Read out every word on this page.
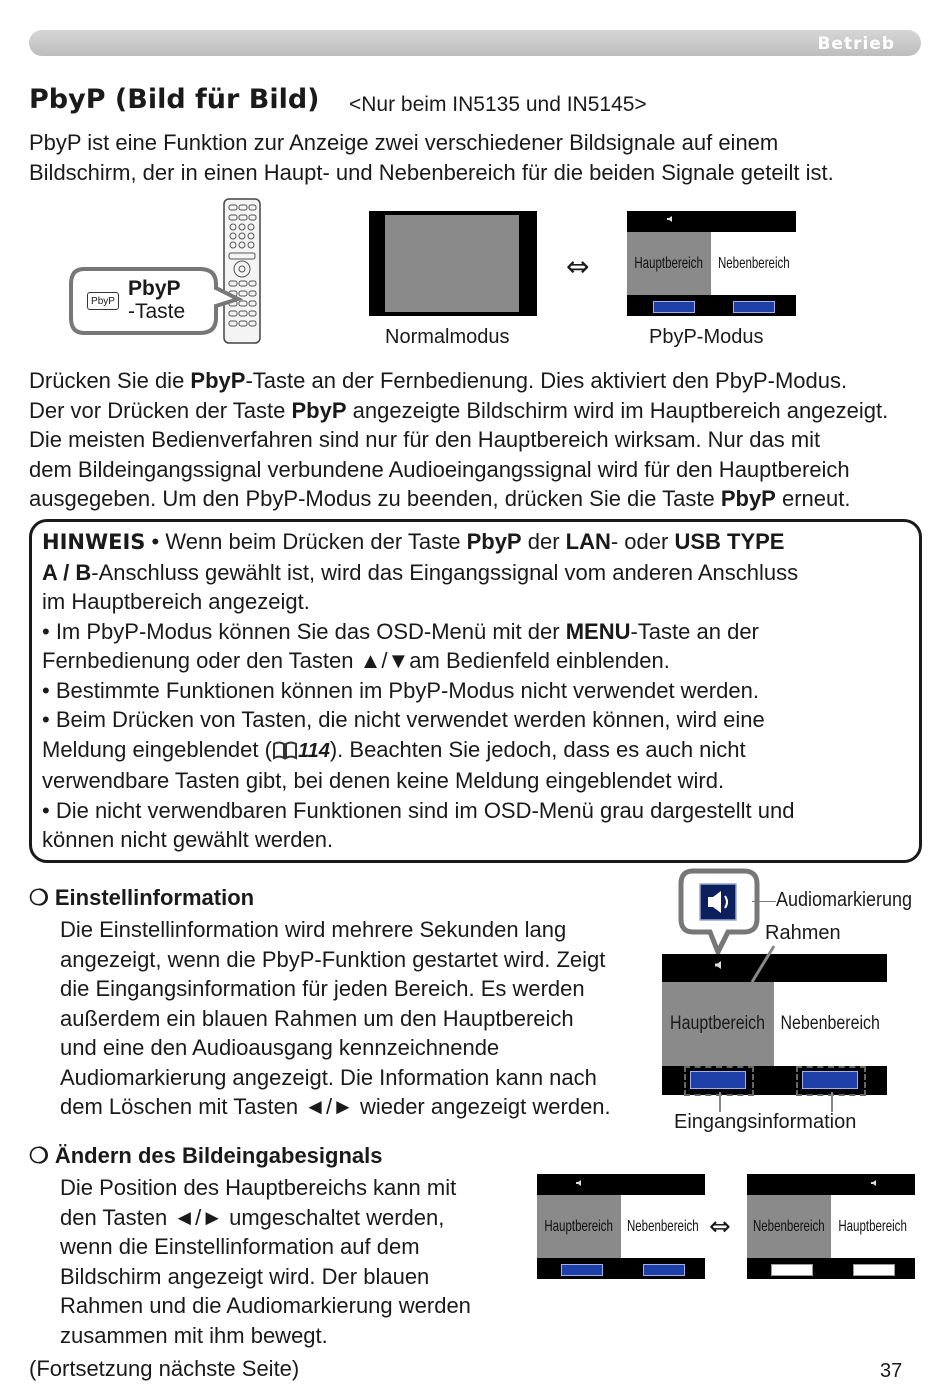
Betrieb
PbyP (Bild für Bild) <Nur beim IN5135 und IN5145>
PbyP ist eine Funktion zur Anzeige zwei verschiedener Bildsignale auf einem
Bildschirm, der in einen Haupt- und Nebenbereich für die beiden Signale geteilt ist.
PbyP
PbyP
-Taste
Normalmodus
⇔	Hauptbereich Nebenbereich
PbyP-Modus
Drücken Sie die PbyP-Taste an der Fernbedienung. Dies aktiviert den PbyP-Modus.
Der vor Drücken der Taste PbyP angezeigte Bildschirm wird im Hauptbereich angezeigt.
Die meisten Bedienverfahren sind nur für den Hauptbereich wirksam. Nur das mit
dem Bildeingangssignal verbundene Audioeingangssignal wird für den Hauptbereich
ausgegeben. Um den PbyP-Modus zu beenden, drücken Sie die Taste PbyP erneut.
HINWEIS • Wenn beim Drücken der Taste PbyP der LAN- oder USB TYPE
A / B-Anschluss gewählt ist, wird das Eingangssignal vom anderen Anschluss
im Hauptbereich angezeigt.
• Im PbyP-Modus können Sie das OSD-Menü mit der MENU-Taste an der
Fernbedienung oder den Tasten ▲/▼am Bedienfeld einblenden.
• Bestimmte Funktionen können im PbyP-Modus nicht verwendet werden.
• Beim Drücken von Tasten, die nicht verwendet werden können, wird eine
Meldung eingeblendet ( 114). Beachten Sie jedoch, dass es auch nicht
verwendbare Tasten gibt, bei denen keine Meldung eingeblendet wird.
• Die nicht verwendbaren Funktionen sind im OSD-Menü grau dargestellt und
können nicht gewählt werden.
❍ Einstellinformation
Die Einstellinformation wird mehrere Sekunden lang
angezeigt, wenn die PbyP-Funktion gestartet wird. Zeigt
die Eingangsinformation für jeden Bereich. Es werden
außerdem ein blauen Rahmen um den Hauptbereich
und eine den Audioausgang kennzeichnende
Audiomarkierung angezeigt. Die Information kann nach
dem Löschen mit Tasten ◄/► wieder angezeigt werden.
Audiomarkierung
Rahmen
Hauptbereich Nebenbereich
Eingangsinformation
❍ Ändern des Bildeingabesignals
Die Position des Hauptbereichs kann mit
den Tasten ◄/► umgeschaltet werden,
wenn die Einstellinformation auf dem
Bildschirm angezeigt wird. Der blauen
Rahmen und die Audiomarkierung werden
zusammen mit ihm bewegt.
Hauptbereich Nebenbereich ⇔ Nebenbereich Hauptbereich
(Fortsetzung nächste Seite)	37
